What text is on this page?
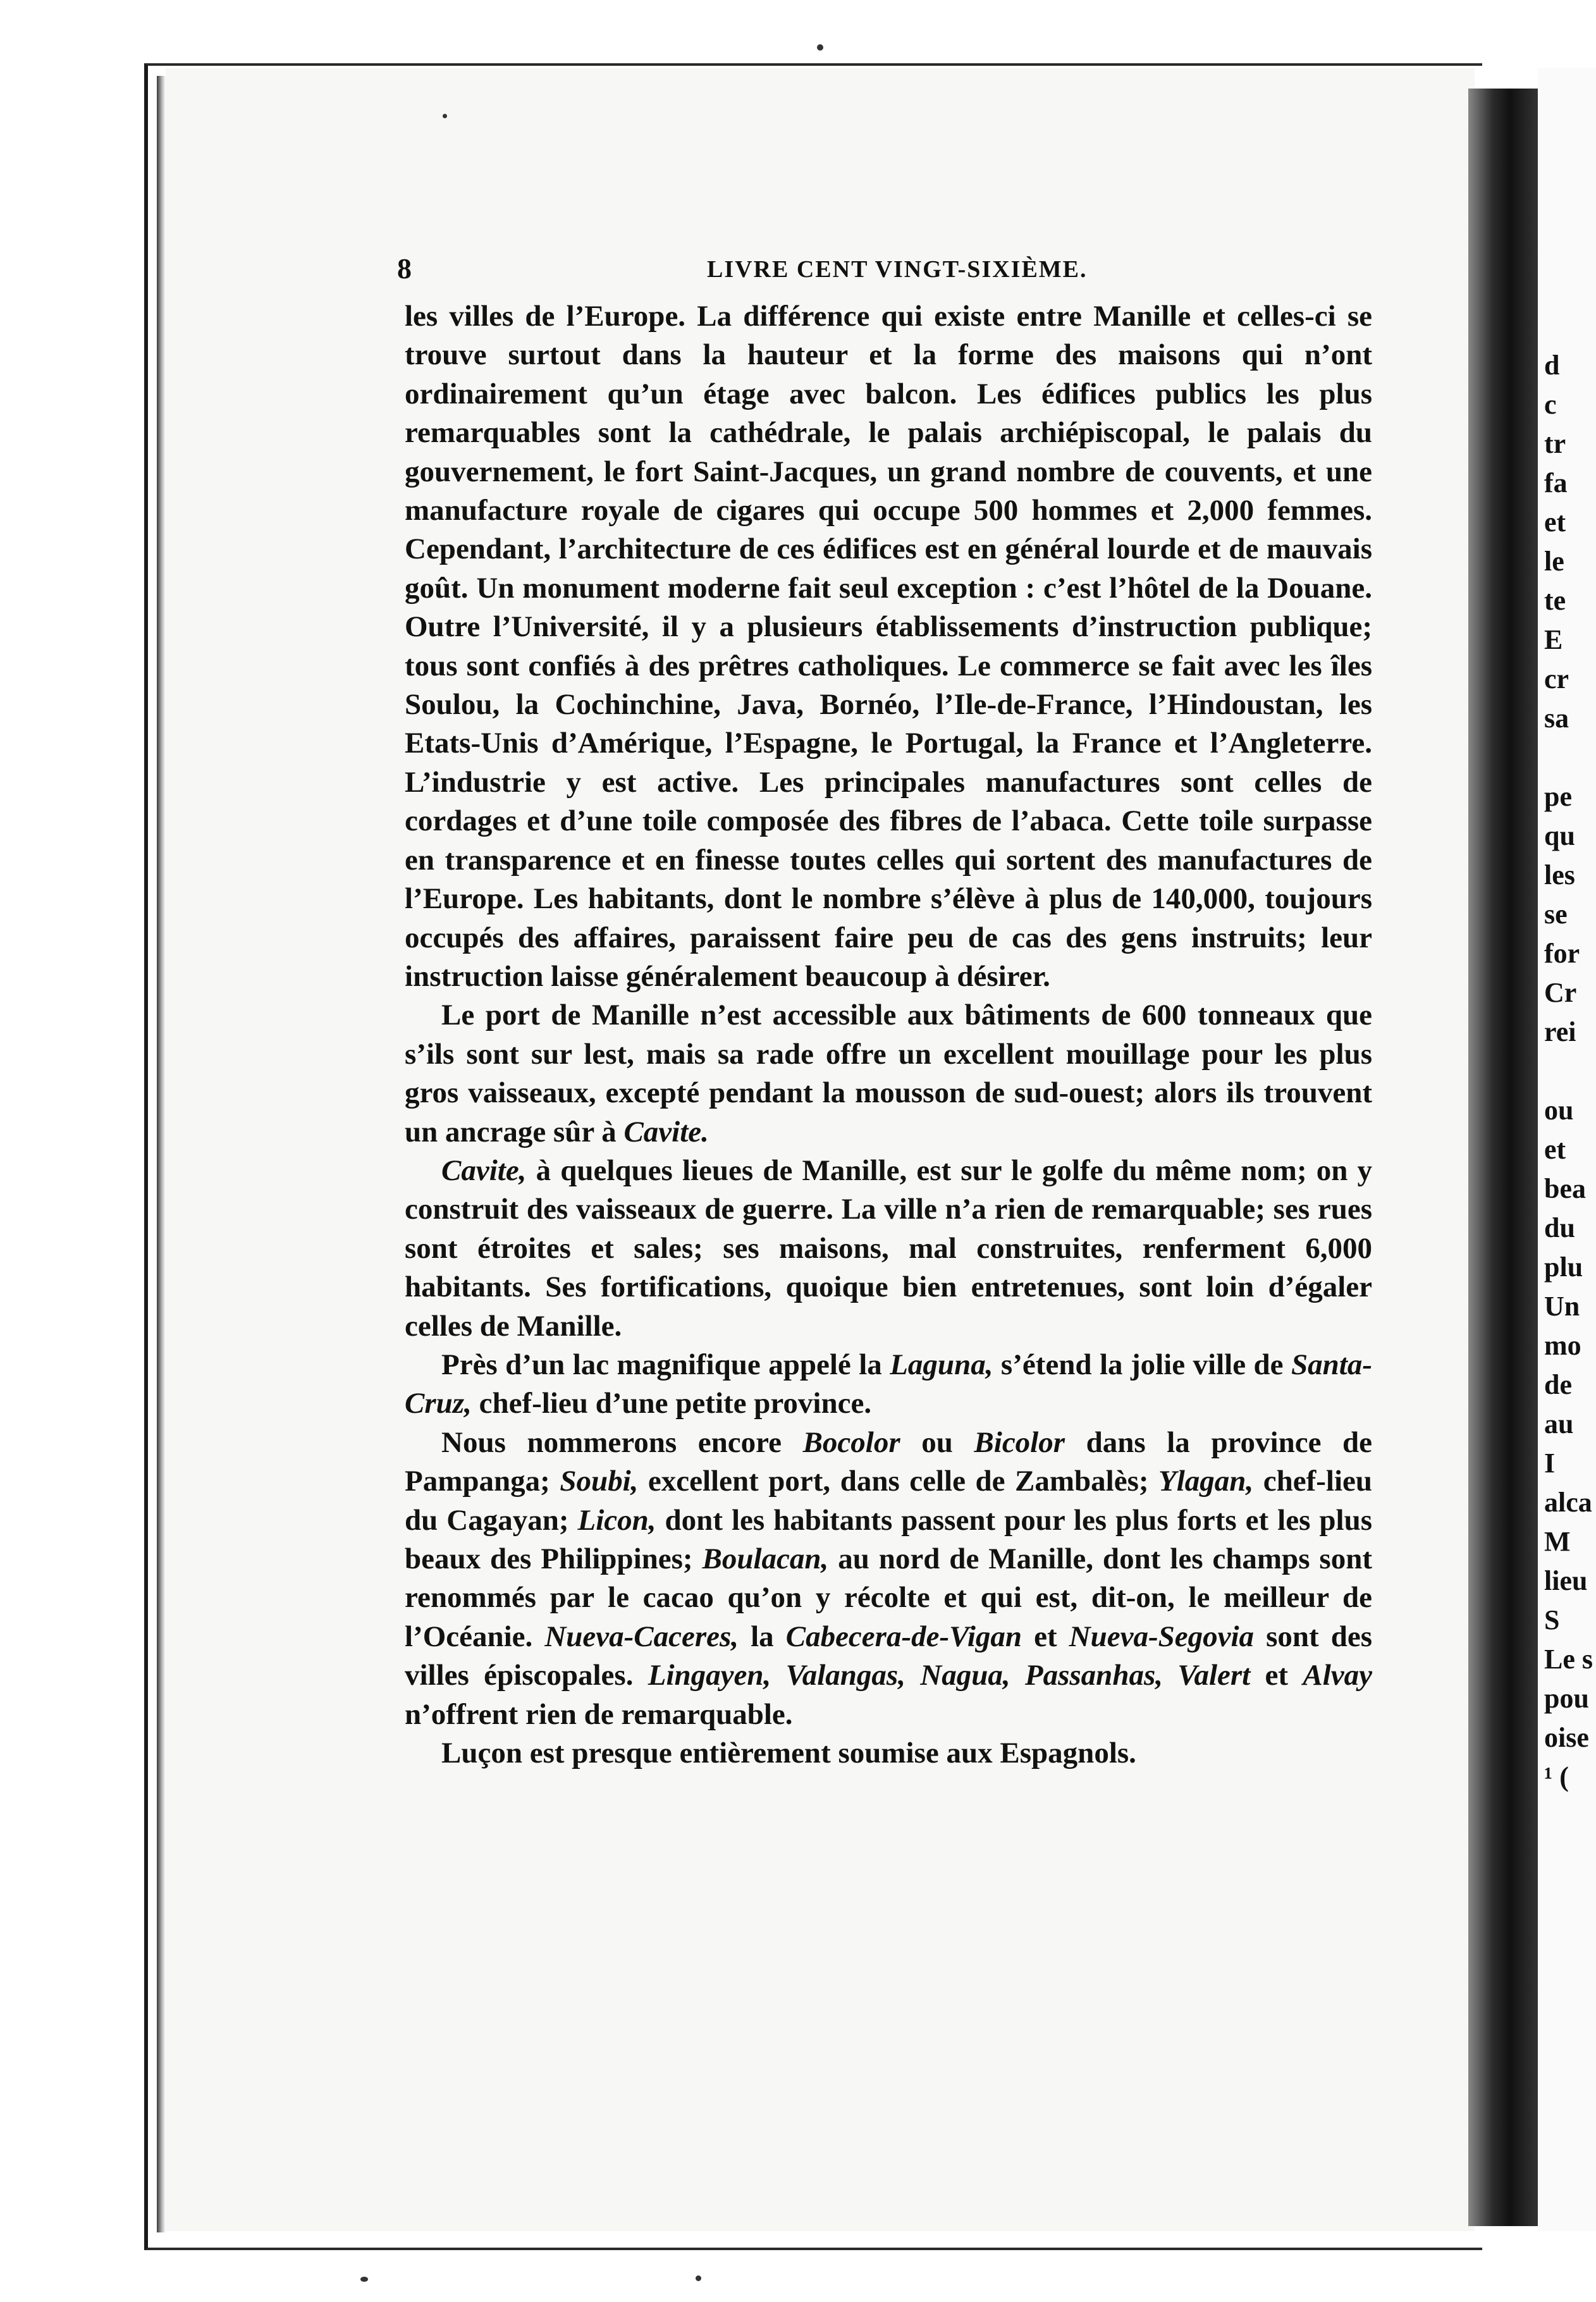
d
c
tr
fa
et
le
te
E
cr
sa
pe
qu
les
se
for
Cr
rei
ou
et
bea
du
plu
Un
mo
de
au
I
alca
M
lieu
S
Le s
pou
oise
¹ (
8	LIVRE CENT VINGT-SIXIÈME.

les villes de l’Europe. La différence qui existe entre Manille et celles-ci se trouve surtout dans la hauteur et la forme des maisons qui n’ont ordinairement qu’un étage avec balcon. Les édifices publics les plus remarquables sont la cathédrale, le palais archiépiscopal, le palais du gouvernement, le fort Saint-Jacques, un grand nombre de couvents, et une manufacture royale de cigares qui occupe 500 hommes et 2,000 femmes. Cependant, l’architecture de ces édifices est en général lourde et de mauvais goût. Un monument moderne fait seul exception : c’est l’hôtel de la Douane. Outre l’Université, il y a plusieurs établissements d’instruction publique; tous sont confiés à des prêtres catholiques. Le commerce se fait avec les îles Soulou, la Cochinchine, Java, Bornéo, l’Ile-de-France, l’Hindoustan, les Etats-Unis d’Amérique, l’Espagne, le Portugal, la France et l’Angleterre. L’industrie y est active. Les principales manufactures sont celles de cordages et d’une toile composée des fibres de l’abaca. Cette toile surpasse en transparence et en finesse toutes celles qui sortent des manufactures de l’Europe. Les habitants, dont le nombre s’élève à plus de 140,000, toujours occupés des affaires, paraissent faire peu de cas des gens instruits; leur instruction laisse généralement beaucoup à désirer.

Le port de Manille n’est accessible aux bâtiments de 600 tonneaux que s’ils sont sur lest, mais sa rade offre un excellent mouillage pour les plus gros vaisseaux, excepté pendant la mousson de sud-ouest; alors ils trouvent un ancrage sûr à Cavite.

Cavite, à quelques lieues de Manille, est sur le golfe du même nom; on y construit des vaisseaux de guerre. La ville n’a rien de remarquable; ses rues sont étroites et sales; ses maisons, mal construites, renferment 6,000 habitants. Ses fortifications, quoique bien entretenues, sont loin d’égaler celles de Manille.

Près d’un lac magnifique appelé la Laguna, s’étend la jolie ville de Santa-Cruz, chef-lieu d’une petite province.

Nous nommerons encore Bocolor ou Bicolor dans la province de Pampanga; Soubi, excellent port, dans celle de Zambalès; Ylagan, chef-lieu du Cagayan; Licon, dont les habitants passent pour les plus forts et les plus beaux des Philippines; Boulacan, au nord de Manille, dont les champs sont renommés par le cacao qu’on y récolte et qui est, dit-on, le meilleur de l’Océanie. Nueva-Caceres, la Cabecera-de-Vigan et Nueva-Segovia sont des villes épiscopales. Lingayen, Valangas, Nagua, Passanhas, Valert et Alvay n’offrent rien de remarquable.

Luçon est presque entièrement soumise aux Espagnols.
